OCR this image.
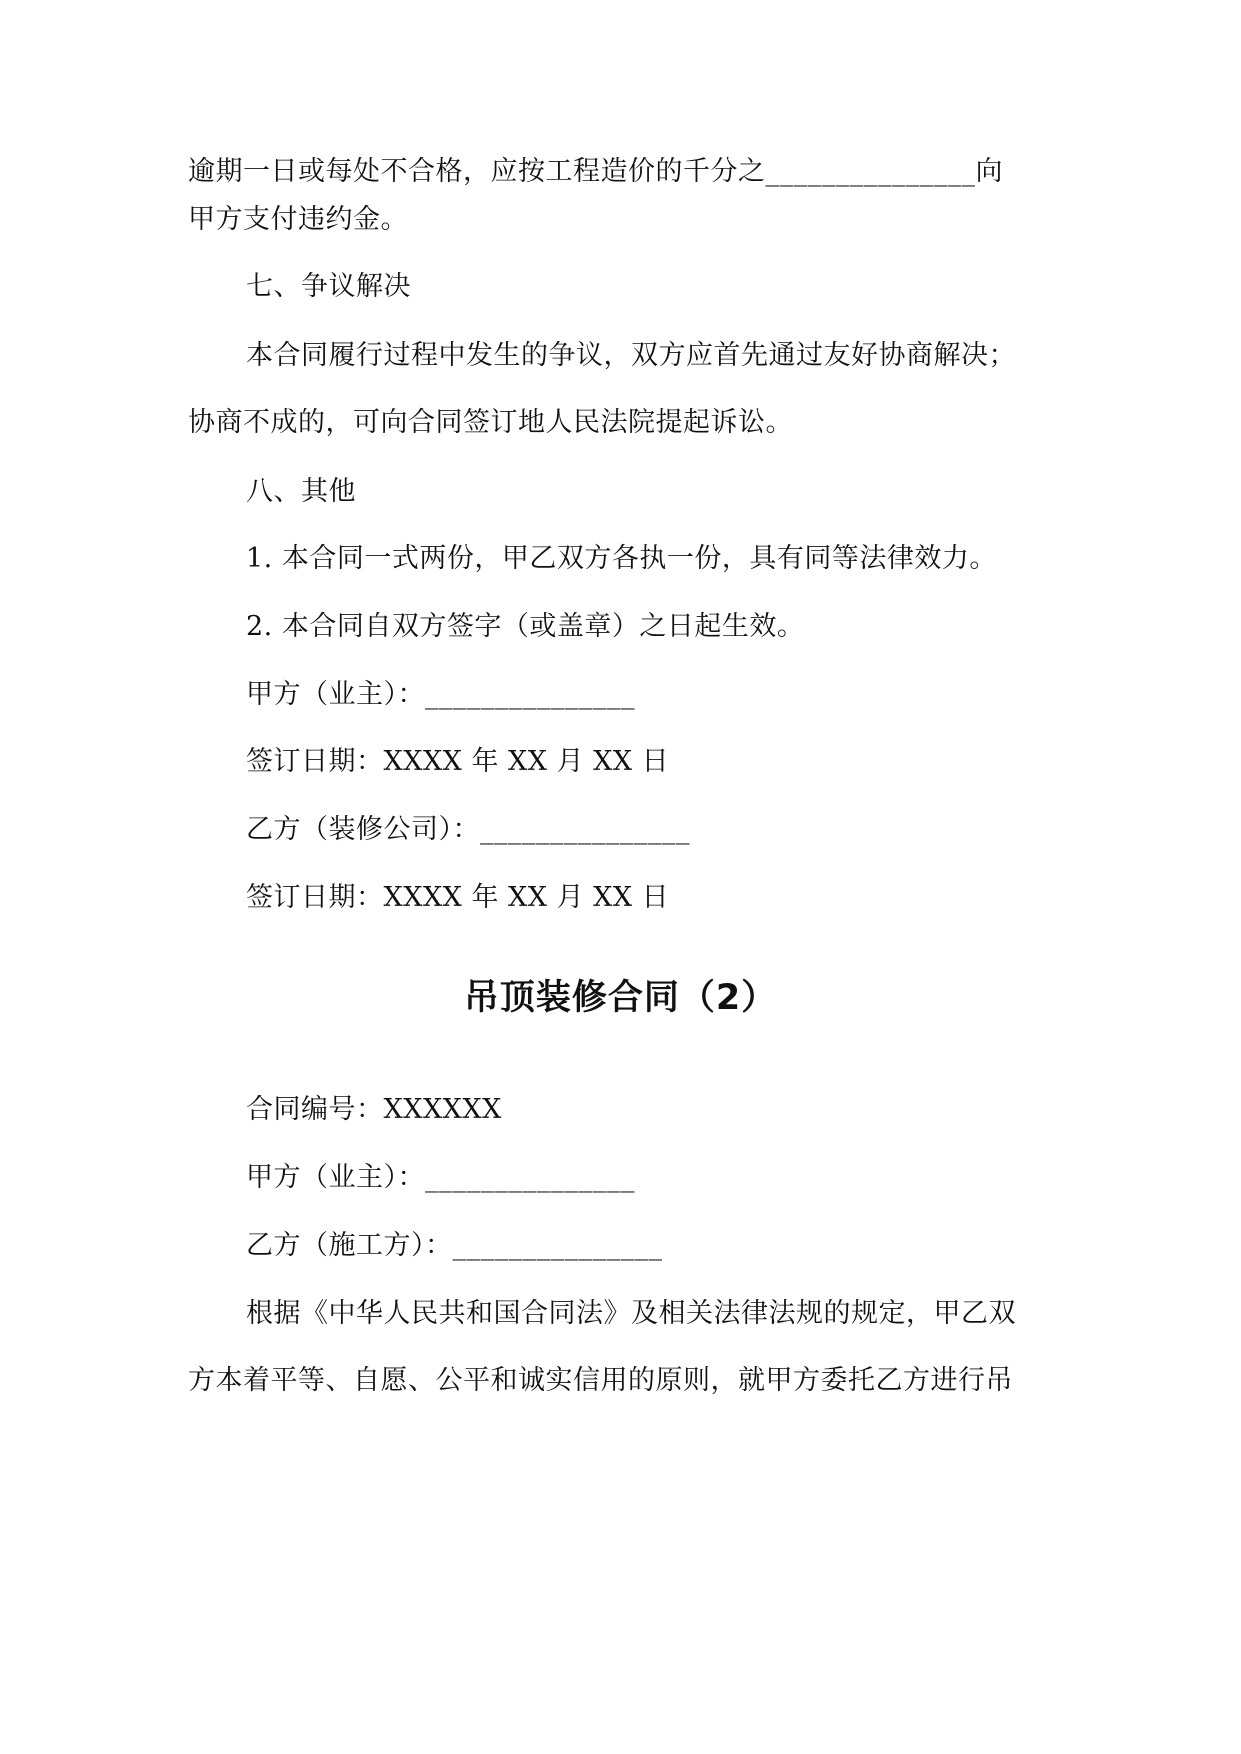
逾期一日或每处不合格，应按工程造价的千分之_______________向
甲方支付违约金。
七、争议解决
本合同履行过程中发生的争议，双方应首先通过友好协商解决；
协商不成的，可向合同签订地人民法院提起诉讼。
八、其他
1. 本合同一式两份，甲乙双方各执一份，具有同等法律效力。
2. 本合同自双方签字（或盖章）之日起生效。
甲方（业主）：_______________
签订日期：XXXX 年 XX 月 XX 日
乙方（装修公司）：_______________
签订日期：XXXX 年 XX 月 XX 日
吊顶装修合同（2）
合同编号：XXXXXX
甲方（业主）：_______________
乙方（施工方）：_______________
根据《中华人民共和国合同法》及相关法律法规的规定，甲乙双
方本着平等、自愿、公平和诚实信用的原则，就甲方委托乙方进行吊
